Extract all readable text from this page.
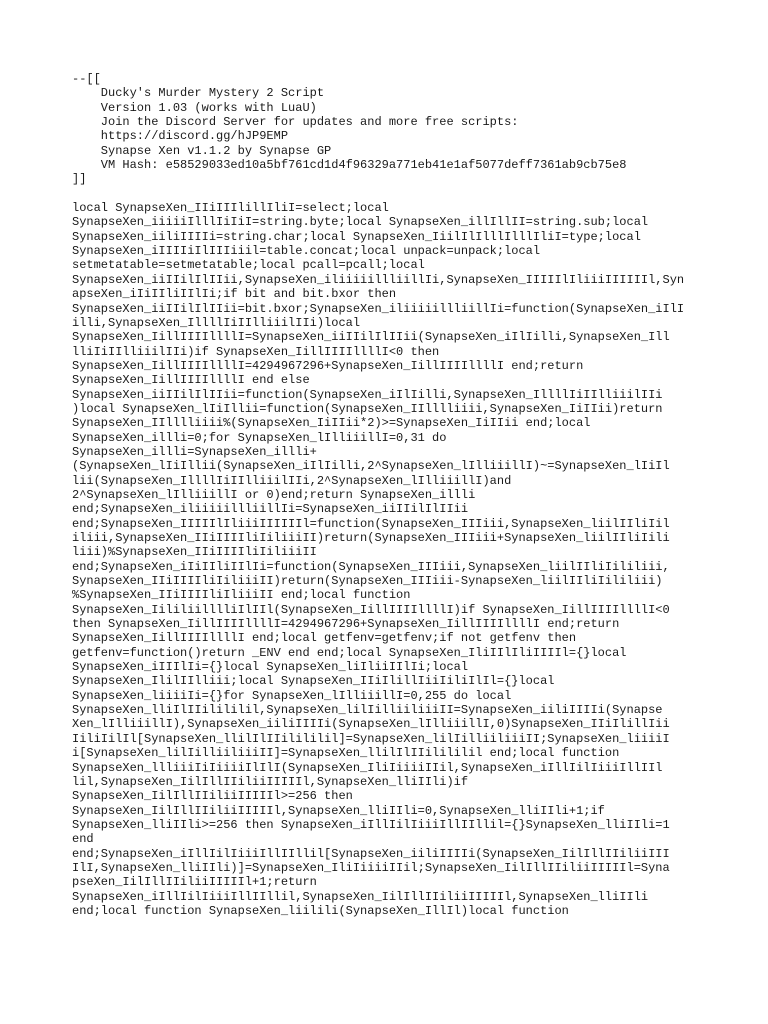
--[[
Ducky's Murder Mystery 2 Script
Version 1.03 (works with LuaU)
Join the Discord Server for updates and more free scripts:
https://discord.gg/hJP9EMP
Synapse Xen v1.1.2 by Synapse GP
VM Hash: e58529033ed10a5bf761cd1d4f96329a771eb41e1af5077deff7361ab9cb75e8
]]
local SynapseXen_IIiIIIlillIliI=select;local
SynapseXen_iiiiiIlllIiIiI=string.byte;local SynapseXen_illIllII=string.sub;local
SynapseXen_iiliIIIIi=string.char;local SynapseXen_IiilIlIlllIlllIliI=type;local
SynapseXen_iIIIIiIlIIIiiil=table.concat;local unpack=unpack;local
setmetatable=setmetatable;local pcall=pcall;local
SynapseXen_iiIIilIlIIii,SynapseXen_iliiiiillliillIi,SynapseXen_IIIIIlIliiiIIIIIIl,Syn
apseXen_iIiIIliIIlIi;if bit and bit.bxor then
SynapseXen_iiIIilIlIIii=bit.bxor;SynapseXen_iliiiiillliillIi=function(SynapseXen_iIlI
illi,SynapseXen_IllllIiIIlliiilIIi)local
SynapseXen_IillIIIIllllI=SynapseXen_iiIIilIlIIii(SynapseXen_iIlIilli,SynapseXen_Ill
lliIiIIlliiilIIi)if SynapseXen_IillIIIIllllI<0 then
SynapseXen_IillIIIIllllI=4294967296+SynapseXen_IillIIIIllllI end;return
SynapseXen_IillIIIIllllI end else
SynapseXen_iiIIilIlIIii=function(SynapseXen_iIlIilli,SynapseXen_IllllIiIIlliiilIIi
)local SynapseXen_lIiIllii=function(SynapseXen_IIlllliiii,SynapseXen_IiIIii)return
SynapseXen_IIlllliiii%(SynapseXen_IiIIii*2)>=SynapseXen_IiIIii end;local
SynapseXen_illli=0;for SynapseXen_lIlliiillI=0,31 do
SynapseXen_illli=SynapseXen_illli+
(SynapseXen_lIiIllii(SynapseXen_iIlIilli,2^SynapseXen_lIlliiillI)~=SynapseXen_lIiIl
lii(SynapseXen_IllllIiIIlliiilIIi,2^SynapseXen_lIlliiillI)and
2^SynapseXen_lIlliiillI or 0)end;return SynapseXen_illli
end;SynapseXen_iliiiiillliillIi=SynapseXen_iiIIilIlIIii
end;SynapseXen_IIIIIlIliiiIIIIIIl=function(SynapseXen_IIIiii,SynapseXen_liilIIliIil
iliii,SynapseXen_IIiIIIIliIiliiiII)return(SynapseXen_IIIiii+SynapseXen_liilIIliIili
liii)%SynapseXen_IIiIIIIliIiliiiII
end;SynapseXen_iIiIIliIIlIi=function(SynapseXen_IIIiii,SynapseXen_liilIIliIililiii,
SynapseXen_IIiIIIIliIiliiiII)return(SynapseXen_IIIiii-SynapseXen_liilIIliIililiii)
%SynapseXen_IIiIIIIliIliiiII end;local function
SynapseXen_IililiilllliIlIIl(SynapseXen_IillIIIIllllI)if SynapseXen_IillIIIIllllI<0
then SynapseXen_IillIIIIllllI=4294967296+SynapseXen_IillIIIIllllI end;return
SynapseXen_IillIIIIllllI end;local getfenv=getfenv;if not getfenv then
getfenv=function()return _ENV end end;local SynapseXen_IliIIlIliIIIIl={}local
SynapseXen_iIIIlIi={}local SynapseXen_liIliiIIlIi;local
SynapseXen_IlilIIlliii;local SynapseXen_IIiIlillIiiIiliIlIl={}local
SynapseXen_liiiiIi={}for SynapseXen_lIlliiillI=0,255 do local
SynapseXen_lliIlIIilililil,SynapseXen_lilIilliiliiiII=SynapseXen_iiliIIIIi(Synapse
Xen_lIlliiillI),SynapseXen_iiliIIIIi(SynapseXen_lIlliiillI,0)SynapseXen_IIiIlillIii
IiliIilIl[SynapseXen_llilIlIIilililil]=SynapseXen_lilIilliiliiiII;SynapseXen_liiiiI
i[SynapseXen_lilIilliiliiiII]=SynapseXen_llilIlIIilililil end;local function
SynapseXen_llliiiIiIiiiiIlIlI(SynapseXen_IliIiiiiIIil,SynapseXen_iIllIilIiiiIllIIl
lil,SynapseXen_IilIllIIiliiIIIIIl,SynapseXen_lliIIli)if
SynapseXen_IilIllIIiliiIIIIIl>=256 then
SynapseXen_IilIllIIiliiIIIIIl,SynapseXen_lliIIli=0,SynapseXen_lliIIli+1;if
SynapseXen_lliIIli>=256 then SynapseXen_iIllIilIiiiIllIIllil={}SynapseXen_lliIIli=1
end
end;SynapseXen_iIllIilIiiiIllIIllil[SynapseXen_iiliIIIIi(SynapseXen_IilIllIIiliiIII
IlI,SynapseXen_lliIIli)]=SynapseXen_IliIiiiiIIil;SynapseXen_IilIllIIiliiIIIIIl=Syna
pseXen_IilIllIIiliiIIIIIl+1;return
SynapseXen_iIllIilIiiiIllIIllil,SynapseXen_IilIllIIiliiIIIIIl,SynapseXen_lliIIli
end;local function SynapseXen_liilili(SynapseXen_IllIl)local function
